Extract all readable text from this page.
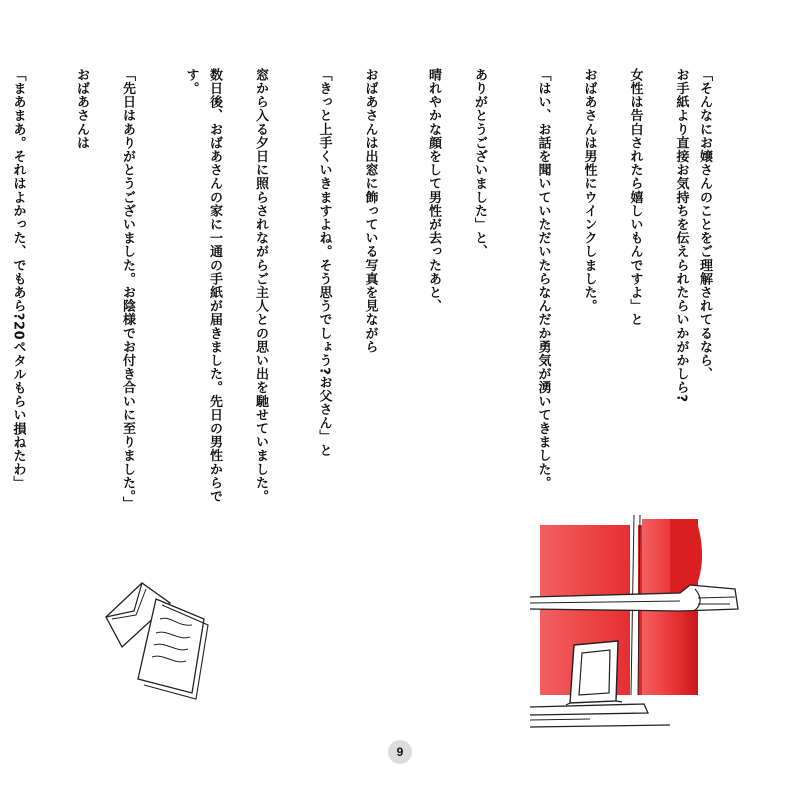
「そんなにお嬢さんのことをご理解されてるなら、
お手紙より直接お気持ちを伝えられたらいかがかしら?
女性は告白されたら嬉しいもんですよ」と
おばあさんは男性にウインクしました。
「はい、お話を聞いていただいたらなんだか勇気が湧いてきました。
ありがとうございました」と、
晴れやかな顔をして男性が去ったあと、
おばあさんは出窓に飾っている写真を見ながら
「きっと上手くいきますよね。そう思うでしょう?お父さん」と
窓から入る夕日に照らされながらご主人との思い出を馳せていました。
数日後、おばあさんの家に一通の手紙が届きました。先日の男性からです。
「先日はありがとうございました。お陰様でお付き合いに至りました。」
おばあさんは
「まあまあ。それはよかった、でもあら?20ペタルもらい損ねたわ」
9
